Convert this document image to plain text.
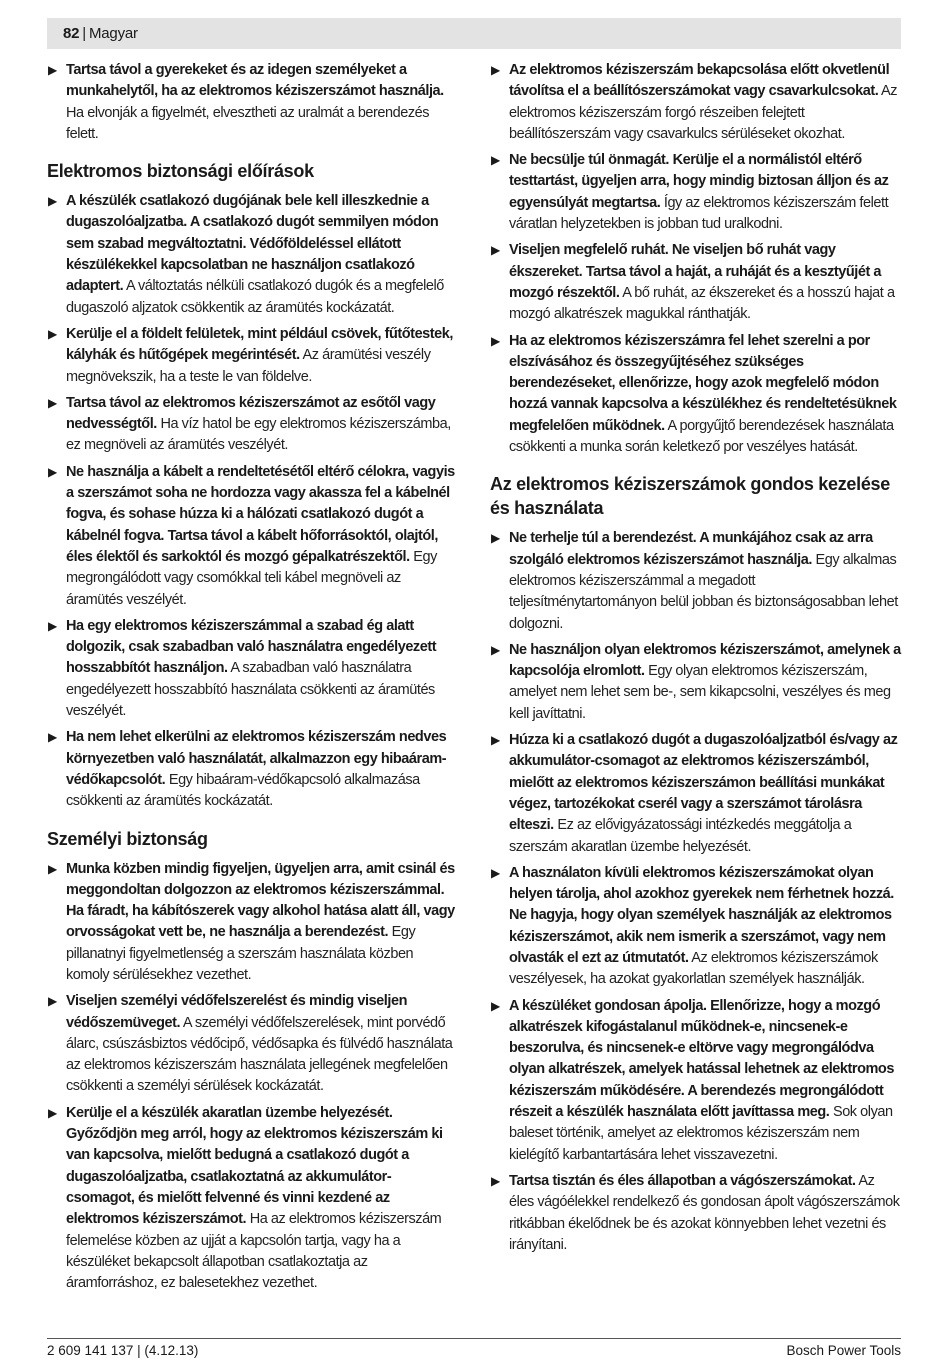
82 | Magyar
▶ Tartsa távol a gyerekeket és az idegen személyeket a munkahelytől, ha az elektromos kéziszerszámot használja. Ha elvonják a figyelmét, elvesztheti az uralmát a berendezés felett.
Elektromos biztonsági előírások
▶ A készülék csatlakozó dugójának bele kell illeszkednie a dugaszolóaljzatba. A csatlakozó dugót semmilyen módon sem szabad megváltoztatni. Védőföldeléssel ellátott készülékekkel kapcsolatban ne használjon csatlakozó adaptert. A változtatás nélküli csatlakozó dugók és a megfelelő dugaszoló aljzatok csökkentik az áramütés kockázatát.
▶ Kerülje el a földelt felületek, mint például csövek, fűtőtestek, kályhák és hűtőgépek megérintését. Az áramütési veszély megnövekszik, ha a teste le van földelve.
▶ Tartsa távol az elektromos kéziszerszámot az esőtől vagy nedvességtől. Ha víz hatol be egy elektromos kéziszerszámba, ez megnöveli az áramütés veszélyét.
▶ Ne használja a kábelt a rendeltetésétől eltérő célokra, vagyis a szerszámot soha ne hordozza vagy akassza fel a kábelnél fogva, és sohase húzza ki a hálózati csatlakozó dugót a kábelnél fogva. Tartsa távol a kábelt hőforrásoktól, olajtól, éles élektől és sarkoktól és mozgó gépalkatrészektől. Egy megrongálódott vagy csomókkal teli kábel megnöveli az áramütés veszélyét.
▶ Ha egy elektromos kéziszerszámmal a szabad ég alatt dolgozik, csak szabadban való használatra engedélyezett hosszabbítót használjon. A szabadban való használatra engedélyezett hosszabbító használata csökkenti az áramütés veszélyét.
▶ Ha nem lehet elkerülni az elektromos kéziszerszám nedves környezetben való használatát, alkalmazzon egy hibaáram-védőkapcsolót. Egy hibaáram-védőkapcsoló alkalmazása csökkenti az áramütés kockázatát.
Személyi biztonság
▶ Munka közben mindig figyeljen, ügyeljen arra, amit csinál és meggondoltan dolgozzon az elektromos kéziszerszámmal. Ha fáradt, ha kábítószerek vagy alkohol hatása alatt áll, vagy orvosságokat vett be, ne használja a berendezést. Egy pillanatnyi figyelmetlenség a szerszám használata közben komoly sérülésekhez vezethet.
▶ Viseljen személyi védőfelszerelést és mindig viseljen védőszemüveget. A személyi védőfelszerelések, mint porvédő álarc, csúszásbiztos védőcipő, védősapka és fülvédő használata az elektromos kéziszerszám használata jellegének megfelelően csökkenti a személyi sérülések kockázatát.
▶ Kerülje el a készülék akaratlan üzembe helyezését. Győződjön meg arról, hogy az elektromos kéziszerszám ki van kapcsolva, mielőtt bedugná a csatlakozó dugót a dugaszolóaljzatba, csatlakoztatná az akkumulátor-csomagot, és mielőtt felvenné és vinni kezdené az elektromos kéziszerszámot. Ha az elektromos kéziszerszám felemelése közben az ujját a kapcsolón tartja, vagy ha a készüléket bekapcsolt állapotban csatlakoztatja az áramforráshoz, ez balesetekhez vezethet.
▶ Az elektromos kéziszerszám bekapcsolása előtt okvetlenül távolítsa el a beállítószerszámokat vagy csavarkulcsokat. Az elektromos kéziszerszám forgó részeiben felejtett beállítószerszám vagy csavarkulcs sérüléseket okozhat.
▶ Ne becsülje túl önmagát. Kerülje el a normálistól eltérő testtartást, ügyeljen arra, hogy mindig biztosan álljon és az egyensúlyát megtartsa. Így az elektromos kéziszerszám felett váratlan helyzetekben is jobban tud uralkodni.
▶ Viseljen megfelelő ruhát. Ne viseljen bő ruhát vagy ékszereket. Tartsa távol a haját, a ruháját és a kesztyűjét a mozgó részektől. A bő ruhát, az ékszereket és a hosszú hajat a mozgó alkatrészek magukkal ránthatják.
▶ Ha az elektromos kéziszerszámra fel lehet szerelni a por elszívásához és összegyűjtéséhez szükséges berendezéseket, ellenőrizze, hogy azok megfelelő módon hozzá vannak kapcsolva a készülékhez és rendeltetésüknek megfelelően működnek. A porgyűjtő berendezések használata csökkenti a munka során keletkező por veszélyes hatását.
Az elektromos kéziszerszámok gondos kezelése és használata
▶ Ne terhelje túl a berendezést. A munkájához csak az arra szolgáló elektromos kéziszerszámot használja. Egy alkalmas elektromos kéziszerszámmal a megadott teljesítménytartományon belül jobban és biztonságosabban lehet dolgozni.
▶ Ne használjon olyan elektromos kéziszerszámot, amelynek a kapcsolója elromlott. Egy olyan elektromos kéziszerszám, amelyet nem lehet sem be-, sem kikapcsolni, veszélyes és meg kell javíttatni.
▶ Húzza ki a csatlakozó dugót a dugaszolóaljzatból és/vagy az akkumulátor-csomagot az elektromos kéziszerszámból, mielőtt az elektromos kéziszerszámon beállítási munkákat végez, tartozékokat cserél vagy a szerszámot tárolásra elteszi. Ez az elővigyázatossági intézkedés meggátolja a szerszám akaratlan üzembe helyezését.
▶ A használaton kívüli elektromos kéziszerszámokat olyan helyen tárolja, ahol azokhoz gyerekek nem férhetnek hozzá. Ne hagyja, hogy olyan személyek használják az elektromos kéziszerszámot, akik nem ismerik a szerszámot, vagy nem olvasták el ezt az útmutatót. Az elektromos kéziszerszámok veszélyesek, ha azokat gyakorlatlan személyek használják.
▶ A készüléket gondosan ápolja. Ellenőrizze, hogy a mozgó alkatrészek kifogástalanul működnek-e, nincsenek-e beszorulva, és nincsenek-e eltörve vagy megrongálódva olyan alkatrészek, amelyek hatással lehetnek az elektromos kéziszerszám működésére. A berendezés megrongálódott részeit a készülék használata előtt javíttassa meg. Sok olyan baleset történik, amelyet az elektromos kéziszerszám nem kielégítő karbantartására lehet visszavezetni.
▶ Tartsa tisztán és éles állapotban a vágószerszámokat. Az éles vágóélekkel rendelkező és gondosan ápolt vágószerszámok ritkábban ékelődnek be és azokat könnyebben lehet vezetni és irányítani.
2 609 141 137 | (4.12.13)	Bosch Power Tools
